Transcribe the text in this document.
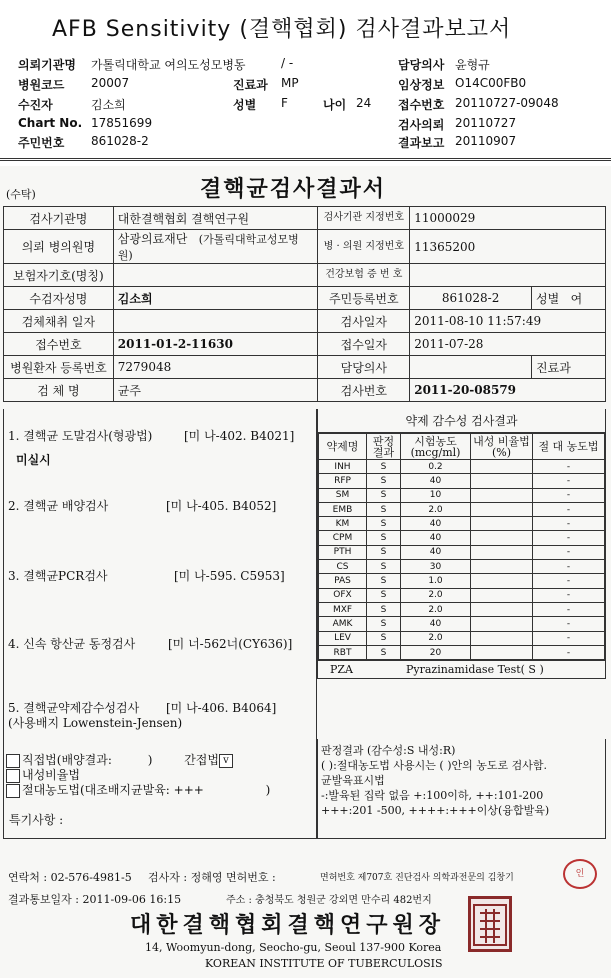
AFB Sensitivity (결핵협회) 검사결과보고서
의뢰기관명 가톨릭대학교 여의도성모병동	/ -	담당의사 윤형규
병원코드 20007	진료과 MP	임상정보 O14C00FB0
수진자	김소희	성별 F	나이 24 접수번호 20110727-09048
Chart No. 17851699	검사의뢰 20110727
주민번호 861028-2	결과보고 20110907
(수탁)	결핵균검사결과서
검사기관명	대한결핵협회 결핵연구원	검사기관 지정번호	11000029	
의뢰 병의원명	삼광의료재단 (가톨릭대학교성모병원)	병 · 의원 지정번호	11365200	
보험자기호(명칭)		건강보험 증 번 호		
수검자성명	김소희	주민등록번호	861028-2	성별 여
검체채취 일자		검사일자	2011-08-10 11:57:49	
접수번호	2011-01-2-11630	접수일자	2011-07-28	
병원환자 등록번호	7279048	담당의사		진료과
검 체 명	균주	검사번호	2011-20-08579	
1. 결핵균 도말검사(형광법)	[미 나-402. B4021]
미실시
2. 결핵균 배양검사	[미 나-405. B4052]
3. 결핵균PCR검사	[미 나-595. C5953]
4. 신속 항산균 동정검사	[미 너-562너(CY636)]
5. 결핵균약제감수성검사 [미 나-406. B4064]
(사용배지 Lowenstein-Jensen)
약제 감수성 검사결과
약제명	판정 결과	시험농도 (mcg/ml)	내성 비율법(%)	절 대 농도법
INH	S	0.2		-
RFP	S	40		-
SM	S	10		-
EMB	S	2.0		-
KM	S	40		-
CPM	S	40		-
PTH	S	40		-
CS	S	30		-
PAS	S	1.0		-
OFX	S	2.0		-
MXF	S	2.0		-
AMK	S	40		-
LEV	S	2.0		-
RBT	S	20		-
PZA	Pyrazinamidase Test( S )
직접법(배양결과:	)	간접법 v
내성비율법
절대농도법(대조배지균발육: +++	)
특기사항 :
판정결과 (감수성:S 내성:R)
( ):절대농도법 사용시는 ( )안의 농도로 검사함.
균발육표시법
-:발육된 집락 없음 +:100이하, ++:101-200
+++:201 -500, ++++:+++이상(융합발육)
연락처 : 02-576-4981-5 검사자 : 정해영 면허번호 :	면허번호 제707호 진단검사 의학과전문의 김창기	인
결과통보일자 : 2011-09-06 16:15	주소 : 충청북도 청원군 강외면 만수리 482번지
대한결핵협회결핵연구원장
14, Woomyun-dong, Seocho-gu, Seoul 137-900 Korea
KOREAN INSTITUTE OF TUBERCULOSIS
